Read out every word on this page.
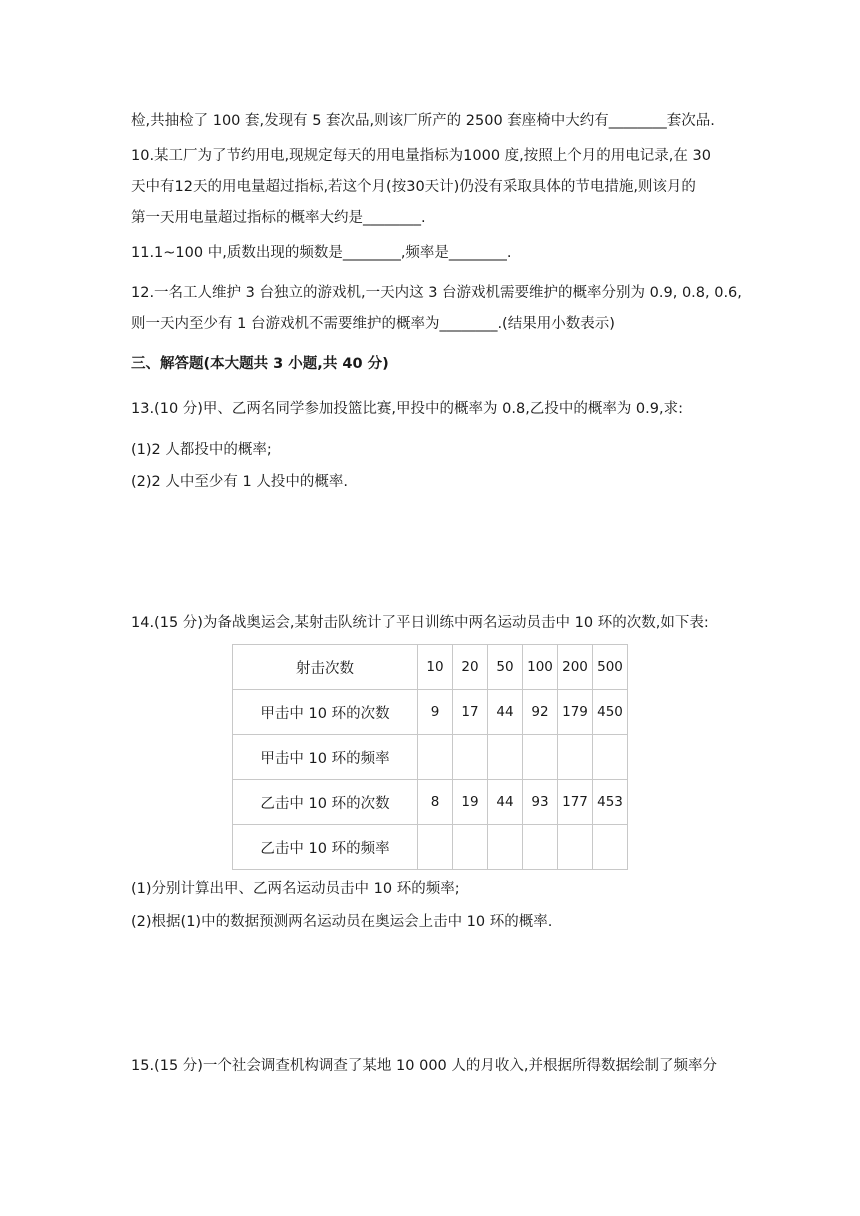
检,共抽检了 100 套,发现有 5 套次品,则该厂所产的 2500 套座椅中大约有________套次品.
10.某工厂为了节约用电,现规定每天的用电量指标为1000 度,按照上个月的用电记录,在 30
天中有12天的用电量超过指标,若这个月(按30天计)仍没有采取具体的节电措施,则该月的
第一天用电量超过指标的概率大约是________.
11.1~100 中,质数出现的频数是________,频率是________.
12.一名工人维护 3 台独立的游戏机,一天内这 3 台游戏机需要维护的概率分别为 0.9, 0.8, 0.6,
则一天内至少有 1 台游戏机不需要维护的概率为________.(结果用小数表示)
三、解答题(本大题共 3 小题,共 40 分)
13.(10 分)甲、乙两名同学参加投篮比赛,甲投中的概率为 0.8,乙投中的概率为 0.9,求:
(1)2 人都投中的概率;
(2)2 人中至少有 1 人投中的概率.
14.(15 分)为备战奥运会,某射击队统计了平日训练中两名运动员击中 10 环的次数,如下表:
射击次数	10	20	50	100	200	500
甲击中 10 环的次数	9	17	44	92	179	450
甲击中 10 环的频率						
乙击中 10 环的次数	8	19	44	93	177	453
乙击中 10 环的频率						
(1)分别计算出甲、乙两名运动员击中 10 环的频率;
(2)根据(1)中的数据预测两名运动员在奥运会上击中 10 环的概率.
15.(15 分)一个社会调查机构调查了某地 10 000 人的月收入,并根据所得数据绘制了频率分
